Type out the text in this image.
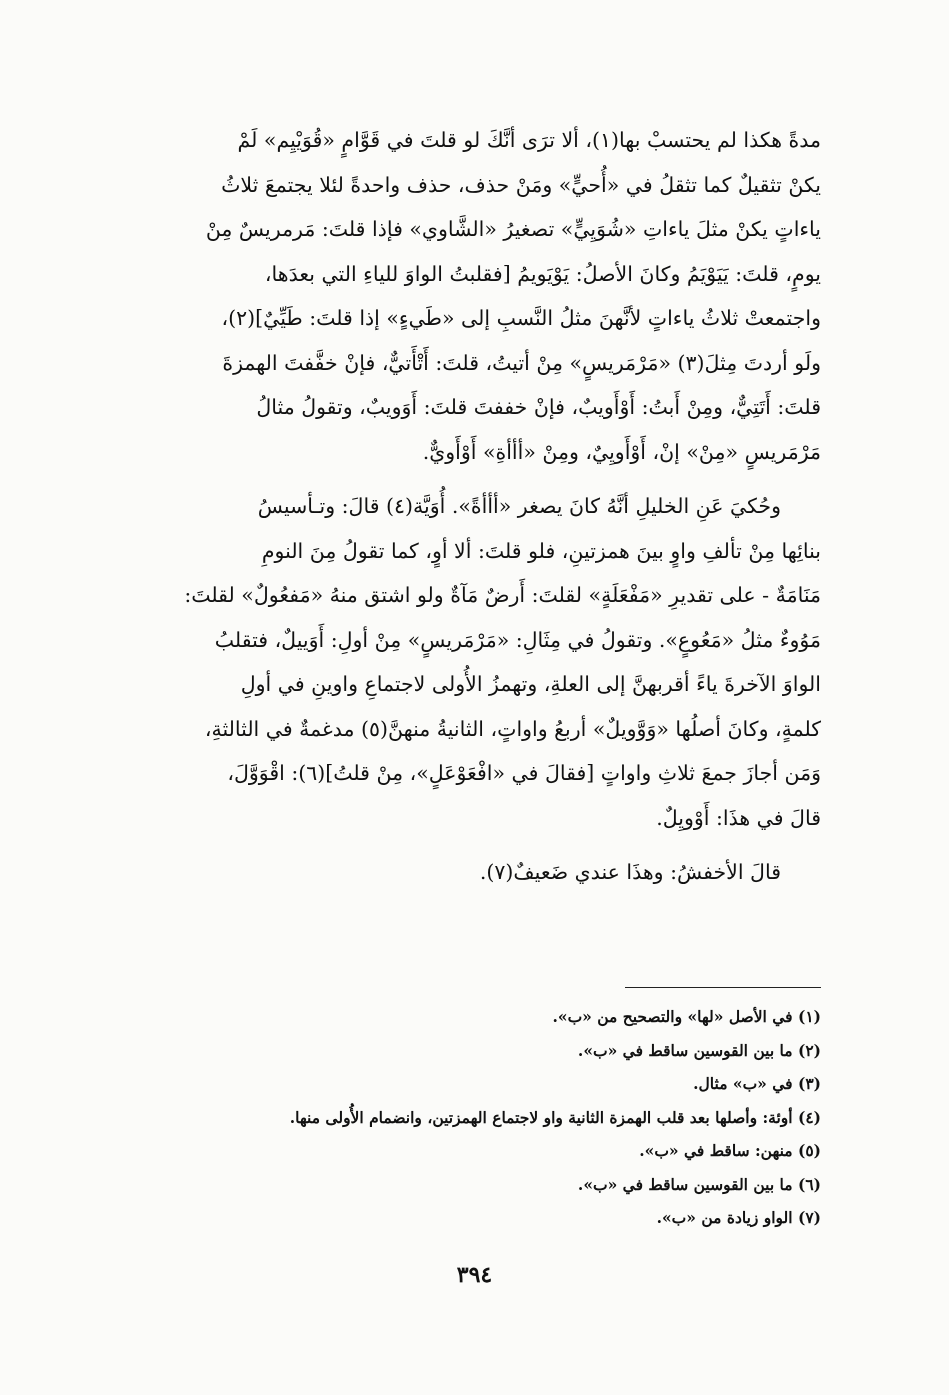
مدةً هكذا لم يحتسبْ بها(١)، ألا ترَى أنَّكَ لو قلتَ في قَوَّامٍ «قُوَيْيِم» لَمْ
يكنْ تثقيلٌ كما تثقلُ في «أُحيٍّ» ومَنْ حذف، حذف واحدةً لئلا يجتمعَ ثلاثُ
ياءاتٍ يكنْ مثلَ ياءاتِ «شُوَيِيٍّ» تصغيرُ «الشَّاوي» فإذا قلتَ: مَرمريسٌ مِنْ
يومٍ، قلتَ: يَيَوْيَمُ وكانَ الأصلُ: يَوْيَويمُ [فقلبتُ الواوَ للياءِ التي بعدَها،
واجتمعتْ ثلاثُ ياءاتٍ لأنَّهنَ مثلُ النَّسبِ إلى «طَيءٍ» إذا قلتَ: طَيِّيٌ](٢)،
ولَو أردتَ مِثلَ(٣) «مَرْمَريسٍ» مِنْ أتيتُ، قلتَ: أَتْأَتيٌّ، فإنْ خفَّفتَ الهمزةَ
قلتَ: أَتَتِيٌّ، ومِنْ أَبتُ: أَوْأَويبٌ، فإنْ خففتَ قلتَ: أَوَويبٌ، وتقولُ مثالُ
مَرْمَريسٍ «مِنْ» إنْ، أَوْأَويِيٌ، ومِنْ «أأأةِ» أَوْأَويٌّ.

وحُكيَ عَنِ الخليلِ أنَّهُ كانَ يصغر «أأأةً». أُوَيَّة(٤) قالَ: وتـأسيسُ
بنائِها مِنْ تألفِ واوٍ بينَ همزتينِ، فلو قلتَ: ألا أوٍ، كما تقولُ مِنَ النومِ
مَنَامَةٌ - على تقديرِ «مَفْعَلَةٍ» لقلتَ: أَرضٌ مَآةٌ ولو اشتق منهُ «مَفعُولٌ» لقلتَ:
مَوُوءٌ مثلُ «مَعُوعٍ». وتقولُ في مِثَالِ: «مَرْمَريسٍ» مِنْ أولِ: أَوَييلٌ، فتقلبُ
الواوَ الآخرةَ ياءً أقربهنَّ إلى العلةِ، وتهمزُ الأُولى لاجتماعِ واوينِ في أولِ
كلمةٍ، وكانَ أصلُها «وَوَّويلٌ» أربعُ واواتٍ، الثانيةُ منهنَّ(٥) مدغمةٌ في الثالثةِ،
وَمَن أجازَ جمعَ ثلاثِ واواتٍ [فقالَ في «افْعَوْعَلٍ»، مِنْ قلتُ](٦): اقْوَوَّلَ،
قالَ في هذَا: أَوْويِلٌ.

قالَ الأخفشُ: وهذَا عندي ضَعيفٌ(٧).

(١) في الأصل «لها» والتصحيح من «ب».
(٢) ما بين القوسين ساقط في «ب».
(٣) في «ب» مثال.
(٤) أوئة: وأصلها بعد قلب الهمزة الثانية واو لاجتماع الهمزتين، وانضمام الأُولى منها.
(٥) منهن: ساقط في «ب».
(٦) ما بين القوسين ساقط في «ب».
(٧) الواو زيادة من «ب».
٣٩٤
